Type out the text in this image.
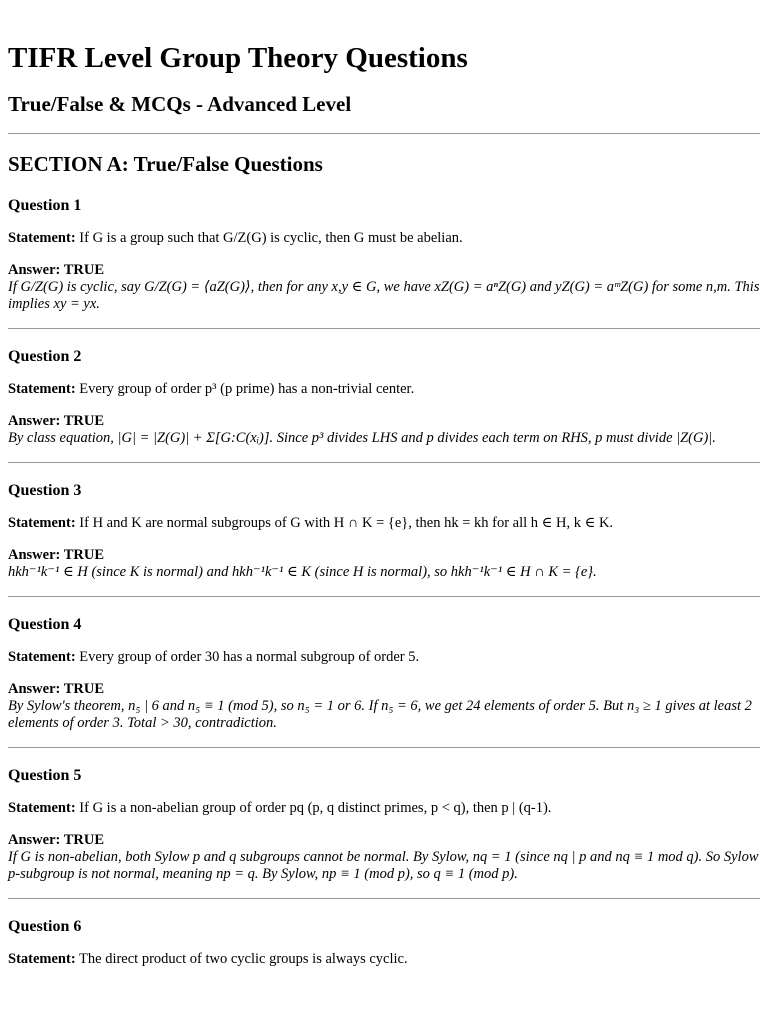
TIFR Level Group Theory Questions
True/False & MCQs - Advanced Level
SECTION A: True/False Questions
Question 1

Statement: If G is a group such that G/Z(G) is cyclic, then G must be abelian.

Answer: TRUE

If G/Z(G) is cyclic, say G/Z(G) = ⟨aZ(G)⟩, then for any x,y ∈ G, we have xZ(G) = aⁿZ(G) and yZ(G) = aᵐZ(G) for some n,m. This implies xy = yx.

Question 2

Statement: Every group of order p³ (p prime) has a non-trivial center.

Answer: TRUE

By class equation, |G| = |Z(G)| + Σ[G:C(xᵢ)]. Since p³ divides LHS and p divides each term on RHS, p must divide |Z(G)|.

Question 3

Statement: If H and K are normal subgroups of G with H ∩ K = {e}, then hk = kh for all h ∈ H, k ∈ K.

Answer: TRUE

hkh⁻¹k⁻¹ ∈ H (since K is normal) and hkh⁻¹k⁻¹ ∈ K (since H is normal), so hkh⁻¹k⁻¹ ∈ H ∩ K = {e}.

Question 4

Statement: Every group of order 30 has a normal subgroup of order 5.

Answer: TRUE

By Sylow's theorem, n₅ | 6 and n₅ ≡ 1 (mod 5), so n₅ = 1 or 6. If n₅ = 6, we get 24 elements of order 5. But n₃ ≥ 1 gives at least 2 elements of order 3. Total > 30, contradiction.

Question 5

Statement: If G is a non-abelian group of order pq (p, q distinct primes, p < q), then p | (q-1).

Answer: TRUE

If G is non-abelian, both Sylow p and q subgroups cannot be normal. By Sylow, nq = 1 (since nq | p and nq ≡ 1 mod q). So Sylow p-subgroup is not normal, meaning np = q. By Sylow, np ≡ 1 (mod p), so q ≡ 1 (mod p).

Question 6

Statement: The direct product of two cyclic groups is always cyclic.
